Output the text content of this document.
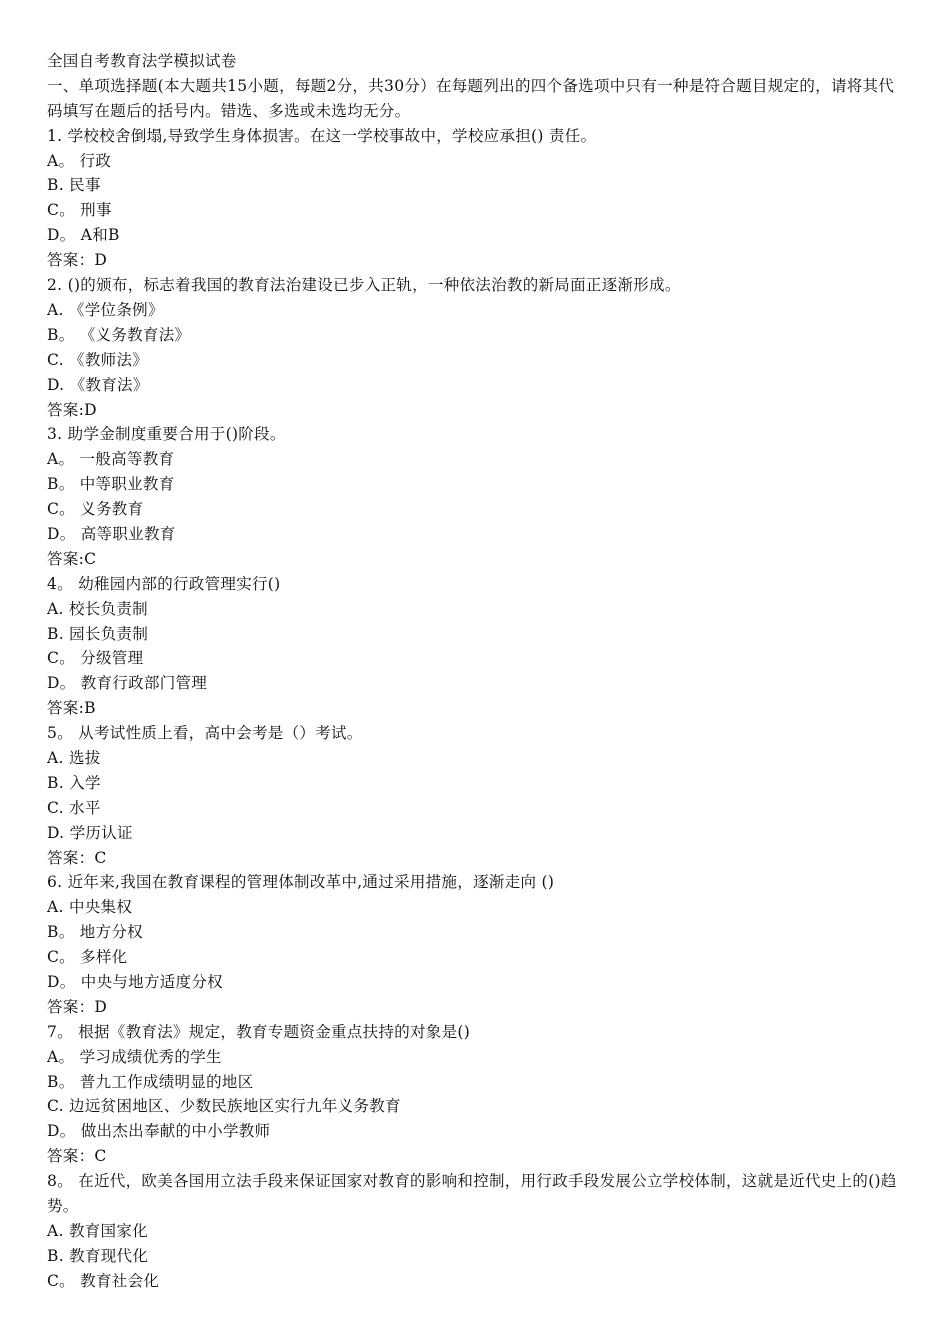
全国自考教育法学模拟试卷
一、单项选择题(本大题共15小题，每题2分，共30分）在每题列出的四个备选项中只有一种是符合题目规定的，请将其代码填写在题后的括号内。错选、多选或未选均无分。
1. 学校校舍倒塌,导致学生身体损害。在这一学校事故中，学校应承担() 责任。
A。 行政
B. 民事
C。 刑事
D。 A和B
答案：D
2. ()的颁布，标志着我国的教育法治建设已步入正轨，一种依法治教的新局面正逐渐形成。
A. 《学位条例》
B。 《义务教育法》
C. 《教师法》
D. 《教育法》
答案:D
3. 助学金制度重要合用于()阶段。
A。 一般高等教育
B。 中等职业教育
C。 义务教育
D。 高等职业教育
答案:C
4。 幼稚园内部的行政管理实行()
A. 校长负责制
B. 园长负责制
C。 分级管理
D。 教育行政部门管理
答案:B
5。 从考试性质上看，高中会考是（）考试。
A. 选拔
B. 入学
C. 水平
D. 学历认证
答案：C
6. 近年来,我国在教育课程的管理体制改革中,通过采用措施，逐渐走向 ()
A. 中央集权
B。 地方分权
C。 多样化
D。 中央与地方适度分权
答案：D
7。 根据《教育法》规定，教育专题资金重点扶持的对象是()
A。 学习成绩优秀的学生
B。 普九工作成绩明显的地区
C. 边远贫困地区、少数民族地区实行九年义务教育
D。 做出杰出奉献的中小学教师
答案：C
8。 在近代，欧美各国用立法手段来保证国家对教育的影响和控制，用行政手段发展公立学校体制，这就是近代史上的()趋势。
A. 教育国家化
B. 教育现代化
C。 教育社会化
